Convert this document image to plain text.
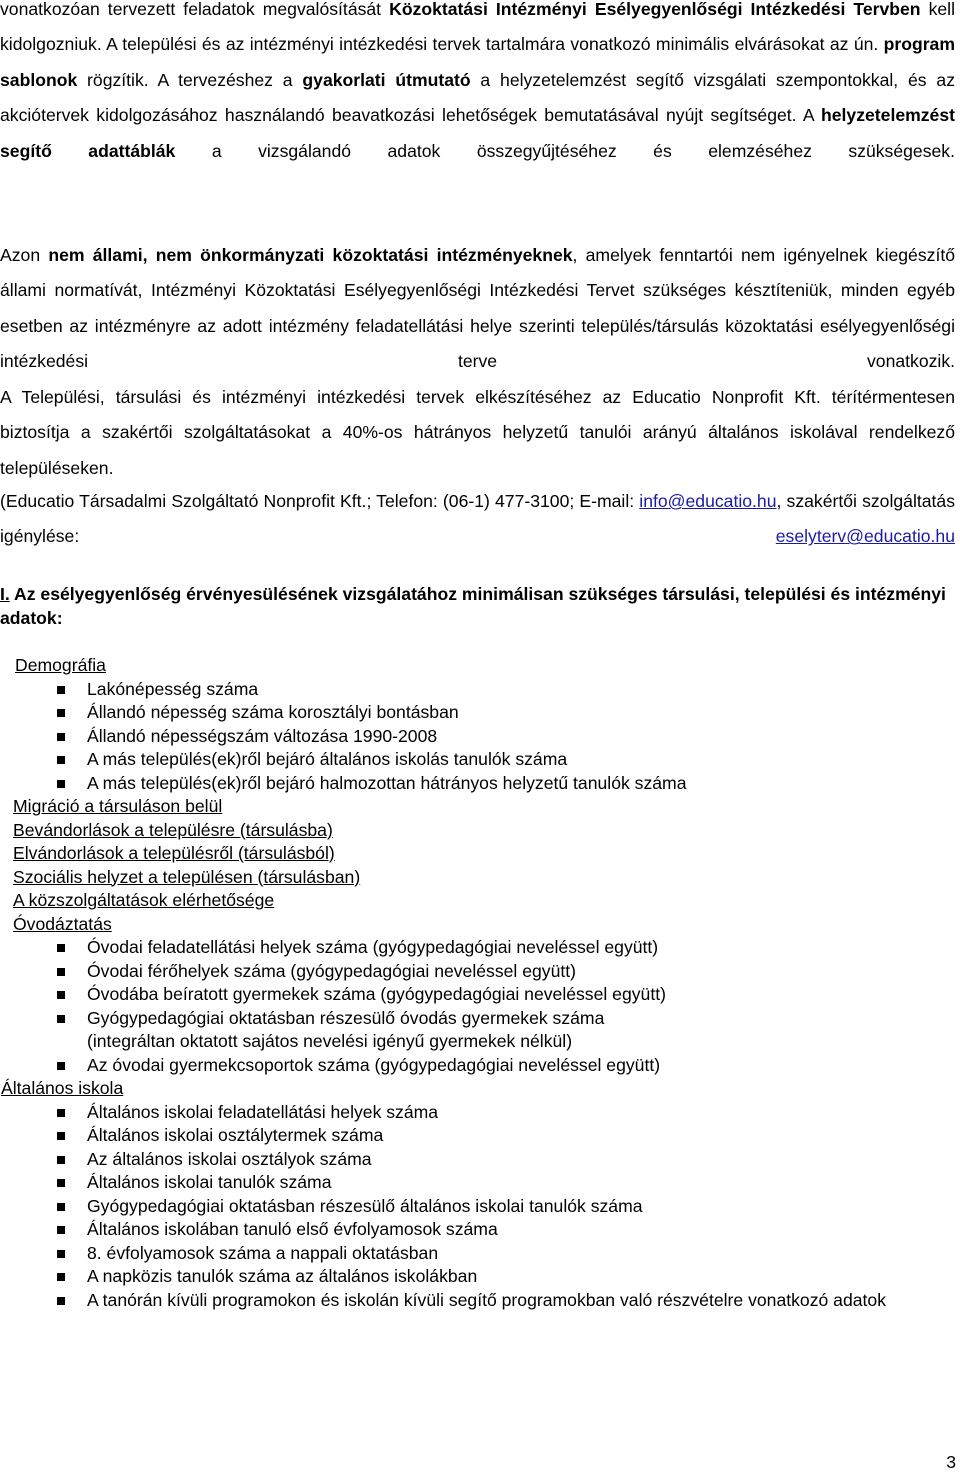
vonatkozóan tervezett feladatok megvalósítását Közoktatási Intézményi Esélyegyenlőségi Intézkedési Tervben kell kidolgozniuk. A települési és az intézményi intézkedési tervek tartalmára vonatkozó minimális elvárásokat az ún. program sablonok rögzítik. A tervezéshez a gyakorlati útmutató a helyzetelemzést segítő vizsgálati szempontokkal, és az akciótervek kidolgozásához használandó beavatkozási lehetőségek bemutatásával nyújt segítséget. A helyzetelemzést segítő adattáblák a vizsgálandó adatok összegyűjtéséhez és elemzéséhez szükségesek.

Azon nem állami, nem önkormányzati közoktatási intézményeknek, amelyek fenntartói nem igényelnek kiegészítő állami normatívát, Intézményi Közoktatási Esélyegyenlőségi Intézkedési Tervet szükséges késztíteniük, minden egyéb esetben az intézményre az adott intézmény feladatellátási helye szerinti település/társulás közoktatási esélyegyenlőségi intézkedési terve vonatkozik.

A Települési, társulási és intézményi intézkedési tervek elkészítéséhez az Educatio Nonprofit Kft. térítérmentesen biztosítja a szakértői szolgáltatásokat a 40%-os hátrányos helyzetű tanulói arányú általános iskolával rendelkező településeken.

(Educatio Társadalmi Szolgáltató Nonprofit Kft.; Telefon: (06-1) 477-3100; E-mail: info@educatio.hu, szakértői szolgáltatás igénylése: eselyterv@educatio.hu

I. Az esélyegyenlőség érvényesülésének vizsgálatához minimálisan szükséges társulási, települési és intézményi adatok:

Demográfia
Lakónépesség száma
Állandó népesség száma korosztályi bontásban
Állandó népességszám változása 1990-2008
A más település(ek)ről bejáró általános iskolás tanulók száma
A más település(ek)ről bejáró halmozottan hátrányos helyzetű tanulók száma
Migráció a társuláson belül
Bevándorlások a településre (társulásba)
Elvándorlások a településről (társulásból)
Szociális helyzet a településen (társulásban)
A közszolgáltatások elérhetősége
Óvodáztatás
Óvodai feladatellátási helyek száma (gyógypedagógiai neveléssel együtt)
Óvodai férőhelyek száma (gyógypedagógiai neveléssel együtt)
Óvodába beíratott gyermekek száma (gyógypedagógiai neveléssel együtt)
Gyógypedagógiai oktatásban részesülő óvodás gyermekek száma (integráltan oktatott sajátos nevelési igényű gyermekek nélkül)
Az óvodai gyermekcsoportok száma (gyógypedagógiai neveléssel együtt)
Általános iskola
Általános iskolai feladatellátási helyek száma
Általános iskolai osztálytermek száma
Az általános iskolai osztályok száma
Általános iskolai tanulók száma
Gyógypedagógiai oktatásban részesülő általános iskolai tanulók száma
Általános iskolában tanuló első évfolyamosok száma
8. évfolyamosok száma a nappali oktatásban
A napközis tanulók száma az általános iskolákban
A tanórán kívüli programokon és iskolán kívüli segítő programokban való részvételre vonatkozó adatok
3
